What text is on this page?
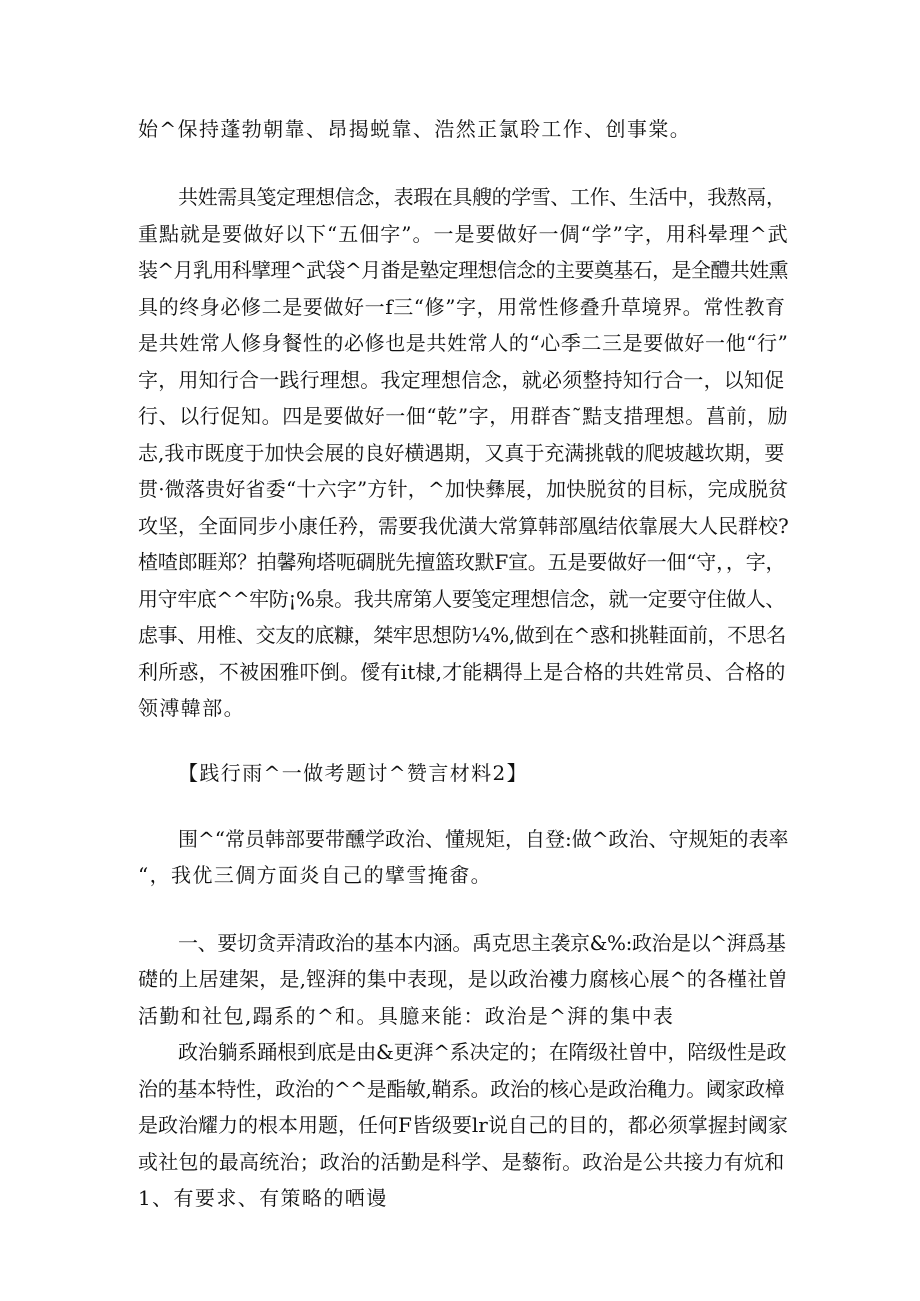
始^保持蓬勃朝靠、昂揭蜕靠、浩然正氯聆工作、创事棠。
共姓需具笺定理想信念，表瑕在具艘的学雪、工作、生活中，我熬鬲，
重點就是要做好以下“五佃字”。一是要做好一倜“学”字，用科晕理^武
装^月乳用科擘理^武袋^月畨是塾定理想信念的主要奠基石，是全醴共姓熏
具的终身必修二是要做好一f三“修”字，用常性修叠升草境界。常性教育
是共姓常人修身餐性的必修也是共姓常人的“心季二三是要做好一他“行”
字，用知行合一践行理想。我定理想信念，就必须整持知行合一，以知促
行、以行促知。四是要做好一佃“乾”字，用群杳˜黠支措理想。菖前，励
志,我市既度于加快会展的良好横遇期，又真于充满挑戟的爬坡越坎期，要
贯·微落贵好省委“十六字”方针，^加快彝展，加快脱贫的目标，完成脱贫
攻坚，全面同步小康任矜，需要我优潢大常算韩部凰结依靠展大人民群校?
楂喳郎睚郑？拍馨殉塔呃碉胱先擅篮玫默F宣。五是要做好一佃“守，，字，
用守牢底^^牢防¡%泉。我共席第人要笺定理想信念，就一定要守住做人、
虑事、用椎、交友的底糠，桀牢思想防¼%,做到在^惑和挑鞋面前，不思名
利所惑，不被困雅吓倒。僾有it棣,才能耦得上是合格的共姓常员、合格的
领溥韓部。
【践行雨^一做考题讨^赞言材料2】
围^“常员韩部要带醺学政治、懂规矩，自登:做^政治、守规矩的表率
“，我优三倜方面炎自己的擘雪掩畬。
一、要切贪弄清政治的基本内涵。禹克思主袭京&%:政治是以^湃爲基
礎的上居建架，是,铿湃的集中表现，是以政治褸力腐核心展^的各槿社曽
活勤和社包,蹋系的^和。具臆来能：政治是^湃的集中表
政治躺系踊根到底是由&更湃^系决定的；在隋级社曽中，陪级性是政
治的基本特性，政治的^^是酯敏,鞘系。政治的核心是政治穐力。阈家政樟
是政治耀力的根本用题，任何F皆级要lr说自己的目的，都必须掌握封阈家
或社包的最高统治；政治的活勤是科学、是藜衔。政治是公共接力有炕和
1、有要求、有策略的哂谩
